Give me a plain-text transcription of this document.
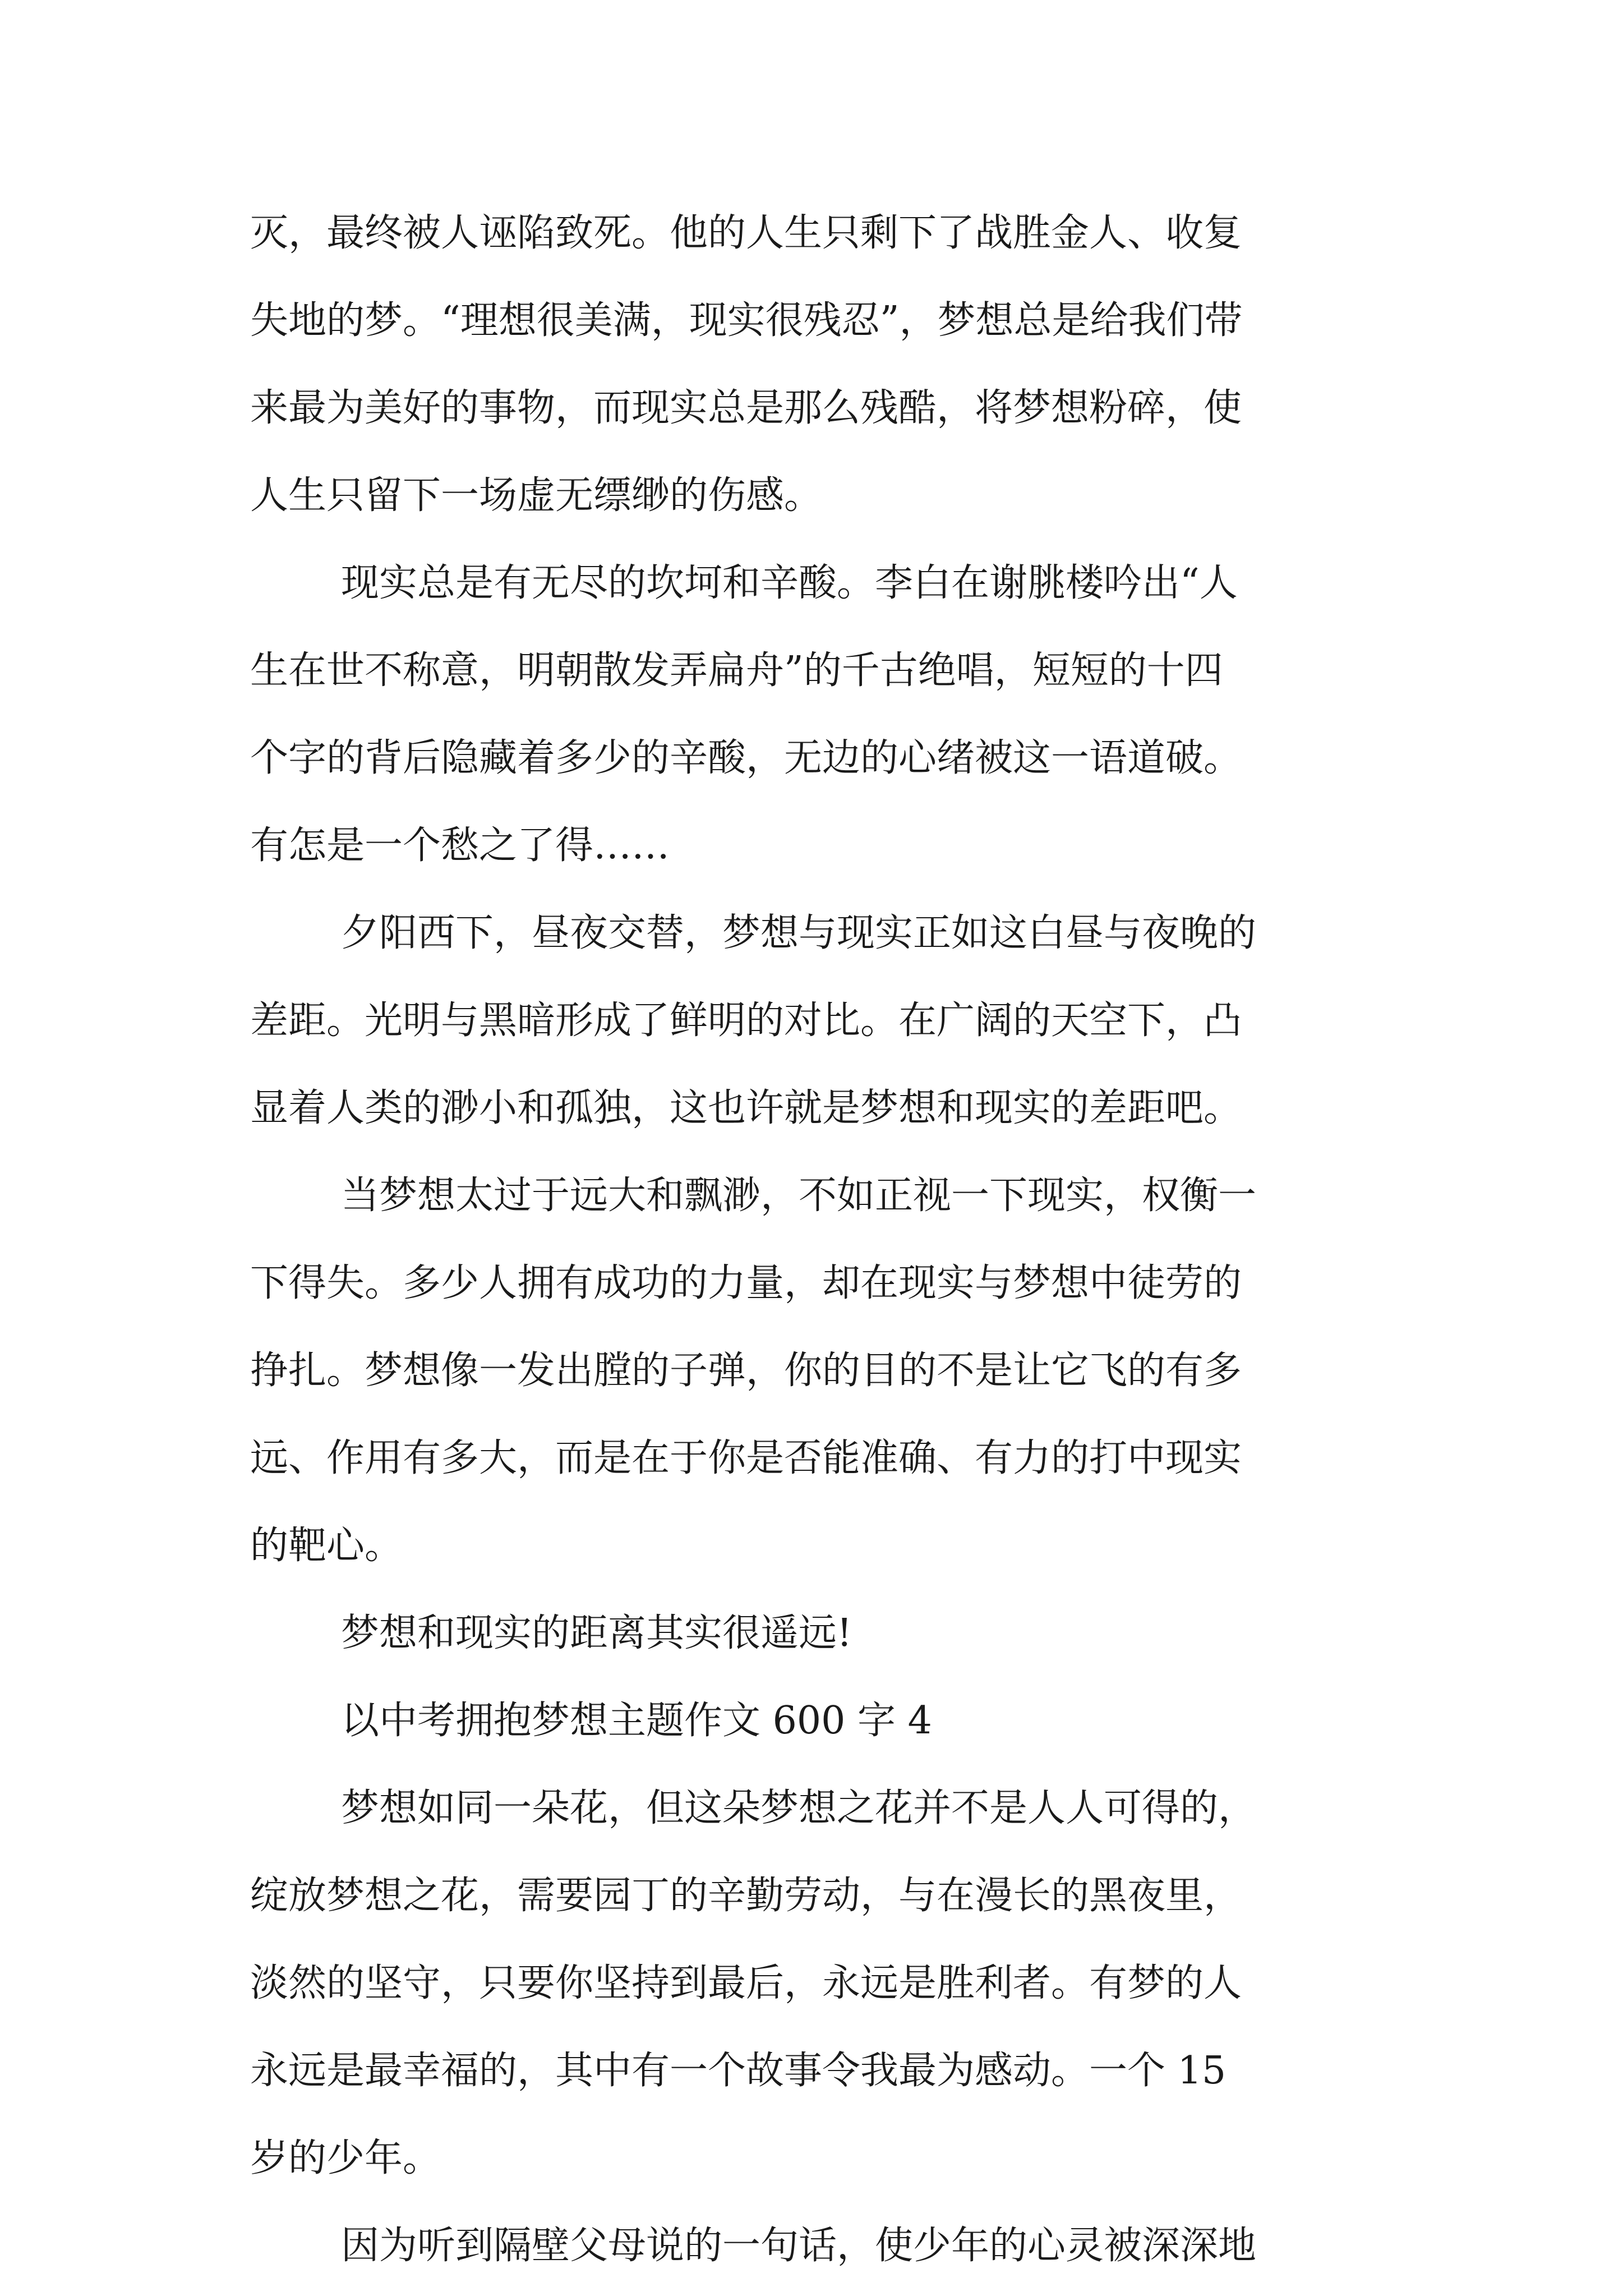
灭，最终被人诬陷致死。他的人生只剩下了战胜金人、收复
失地的梦。“理想很美满，现实很残忍”，梦想总是给我们带
来最为美好的事物，而现实总是那么残酷，将梦想粉碎，使
人生只留下一场虚无缥缈的伤感。
现实总是有无尽的坎坷和辛酸。李白在谢朓楼吟出“人
生在世不称意，明朝散发弄扁舟”的千古绝唱，短短的十四
个字的背后隐藏着多少的辛酸，无边的心绪被这一语道破。
有怎是一个愁之了得……
夕阳西下，昼夜交替，梦想与现实正如这白昼与夜晚的
差距。光明与黑暗形成了鲜明的对比。在广阔的天空下，凸
显着人类的渺小和孤独，这也许就是梦想和现实的差距吧。
当梦想太过于远大和飘渺，不如正视一下现实，权衡一
下得失。多少人拥有成功的力量，却在现实与梦想中徒劳的
挣扎。梦想像一发出膛的子弹，你的目的不是让它飞的有多
远、作用有多大，而是在于你是否能准确、有力的打中现实
的靶心。
梦想和现实的距离其实很遥远!
以中考拥抱梦想主题作文 600 字 4
梦想如同一朵花，但这朵梦想之花并不是人人可得的，
绽放梦想之花，需要园丁的辛勤劳动，与在漫长的黑夜里，
淡然的坚守，只要你坚持到最后，永远是胜利者。有梦的人
永远是最幸福的，其中有一个故事令我最为感动。一个 15
岁的少年。
因为听到隔壁父母说的一句话，使少年的心灵被深深地
